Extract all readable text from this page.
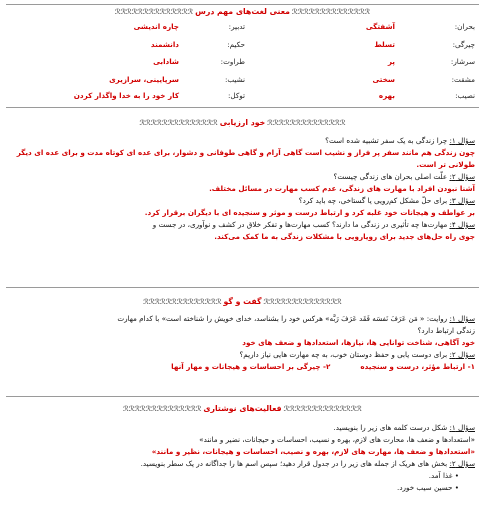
ℛℛℛℛℛℛℛℛℛℛℛℛℛℛمعنی لغت‌های مهم درسℛℛℛℛℛℛℛℛℛℛℛℛℛℛ
بحران:
آشفتگی
تدبیر:
چاره اندیشی
چیرگی:
تسلط
حکیم:
دانشمند
سرشار:
پر
طراوت:
شادابی
مشقت:
سختی
نشیب:
سرپایینی، سرازیری
نصیب:
بهره
توکل:
کار خود را به خدا واگذار کردن
ℛℛℛℛℛℛℛℛℛℛℛℛℛℛخود ارزیابیℛℛℛℛℛℛℛℛℛℛℛℛℛℛ
سؤال ۱: چرا زندگی به یک سفر تشبیه شده است؟
چون زندگی هم مانند سفر پر فراز و نشیب است گاهی آرام و گاهی طوفانی و دشوار، برای عده ای کوتاه مدت و برای عده ای دیگر طولانی تر است.
سؤال ۲: علّت اصلی بحران های زندگی چیست؟
آشنا نبودن افراد با مهارت های زندگی، عدم کسب مهارت در مسائل مختلف.
سؤال ۳: برای حلّ مشکل کم‌رویی یا گستاخی، چه باید کرد؟
بر عواطف و هیجانات خود غلبه کرد و ارتباط درست و موثر و سنجیده ای با دیگران برقرار کرد.
سؤال ۴: مهارت‌ها چه تأثیری در زندگی ما دارند؟ کسب مهارت‌ها و تفکر خلاق در کشف و نوآوری، در جست و
جوی راه حل‌های جدید برای رویارویی با مشکلات زندگی به ما کمک می‌کند.
ℛℛℛℛℛℛℛℛℛℛℛℛℛℛگفت و گوℛℛℛℛℛℛℛℛℛℛℛℛℛℛ
سؤال ۱: روایت: « مَن عَرَفَ نَفسَه فَقَد عَرَفَ رَبَّه» هرکس خود را بشناسد، خدای خویش را شناخته است» با کدام مهارت
زندگی ارتباط دارد؟
خود آگاهی، شناخت توانایی ها، نیازها، استعدادها و ضعف های خود
سؤال ۲: برای دوست یابی و حفظ دوستان خوب، به چه مهارت هایی نیاز داریم؟
۱- ارتباط مؤثر، درست و سنجیده۲- چیرگی بر احساسات و هیجانات و مهار آنها
ℛℛℛℛℛℛℛℛℛℛℛℛℛℛفعالیت‌های نوشتاریℛℛℛℛℛℛℛℛℛℛℛℛℛℛ
سؤال ۱: شکل درست کلمه های زیر را بنویسید.
«استعدادها و ضعف ها، محارت های لازم، بهره و نسیب، احساسات و حیجانات، نضیر و مانند»
«استعدادها و ضعف ها، مهارت های لازم، بهره و نصیب، احساسات و هیجانات، نظیر و مانند»
سؤال ۲: بخش های هریک از جمله های زیر را در جدول قرار دهید؛ سپس اسم ها را جداگانه در یک سطر بنویسید.
• غذا آمد.
• حسین سیب خورد.
